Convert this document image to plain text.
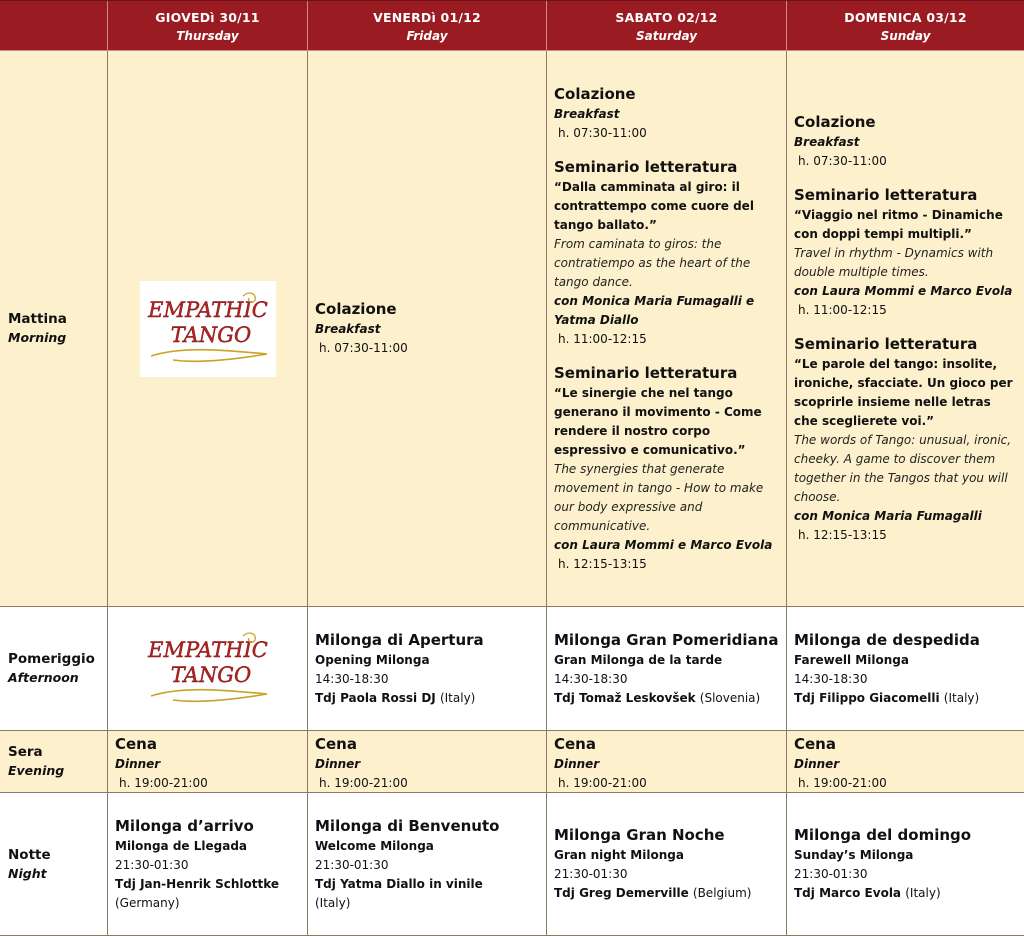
GIOVEDì 30/11
Thursday
VENERDì 01/12
Friday
SABATO 02/12
Saturday
DOMENICA 03/12
Sunday
Mattina
Morning
EMPATHIC
TANGO
Colazione
Breakfast
h. 07:30-11:00
Colazione
Breakfast
h. 07:30-11:00
Seminario letteratura
“Dalla camminata al giro: il contrattempo come cuore del tango ballato.”
From caminata to giros: the contratiempo as the heart of the tango dance.
con Monica Maria Fumagalli e Yatma Diallo
h. 11:00-12:15
Seminario letteratura
“Le sinergie che nel tango generano il movimento - Come rendere il nostro corpo espressivo e comunicativo.”
The synergies that generate movement in tango - How to make our body expressive and communicative.
con Laura Mommi e Marco Evola
h. 12:15-13:15
Colazione
Breakfast
h. 07:30-11:00
Seminario letteratura
“Viaggio nel ritmo - Dinamiche con doppi tempi multipli.”
Travel in rhythm - Dynamics with double multiple times.
con Laura Mommi e Marco Evola
h. 11:00-12:15
Seminario letteratura
“Le parole del tango: insolite, ironiche, sfacciate. Un gioco per scoprirle insieme nelle letras che sceglierete voi.”
The words of Tango: unusual, ironic, cheeky. A game to discover them together in the Tangos that you will choose.
con Monica Maria Fumagalli
h. 12:15-13:15
Pomeriggio
Afternoon
EMPATHIC
TANGO
Milonga di Apertura
Opening Milonga
14:30-18:30
Tdj Paola Rossi DJ (Italy)
Milonga Gran Pomeridiana
Gran Milonga de la tarde
14:30-18:30
Tdj Tomaž Leskovšek (Slovenia)
Milonga de despedida
Farewell Milonga
14:30-18:30
Tdj Filippo Giacomelli (Italy)
Sera
Evening
Cena
Dinner
h. 19:00-21:00
Cena
Dinner
h. 19:00-21:00
Cena
Dinner
h. 19:00-21:00
Cena
Dinner
h. 19:00-21:00
Notte
Night
Milonga d’arrivo
Milonga de Llegada
21:30-01:30
Tdj Jan-Henrik Schlottke
(Germany)
Milonga di Benvenuto
Welcome Milonga
21:30-01:30
Tdj Yatma Diallo in vinile
(Italy)
Milonga Gran Noche
Gran night Milonga
21:30-01:30
Tdj Greg Demerville (Belgium)
Milonga del domingo
Sunday’s Milonga
21:30-01:30
Tdj Marco Evola (Italy)
